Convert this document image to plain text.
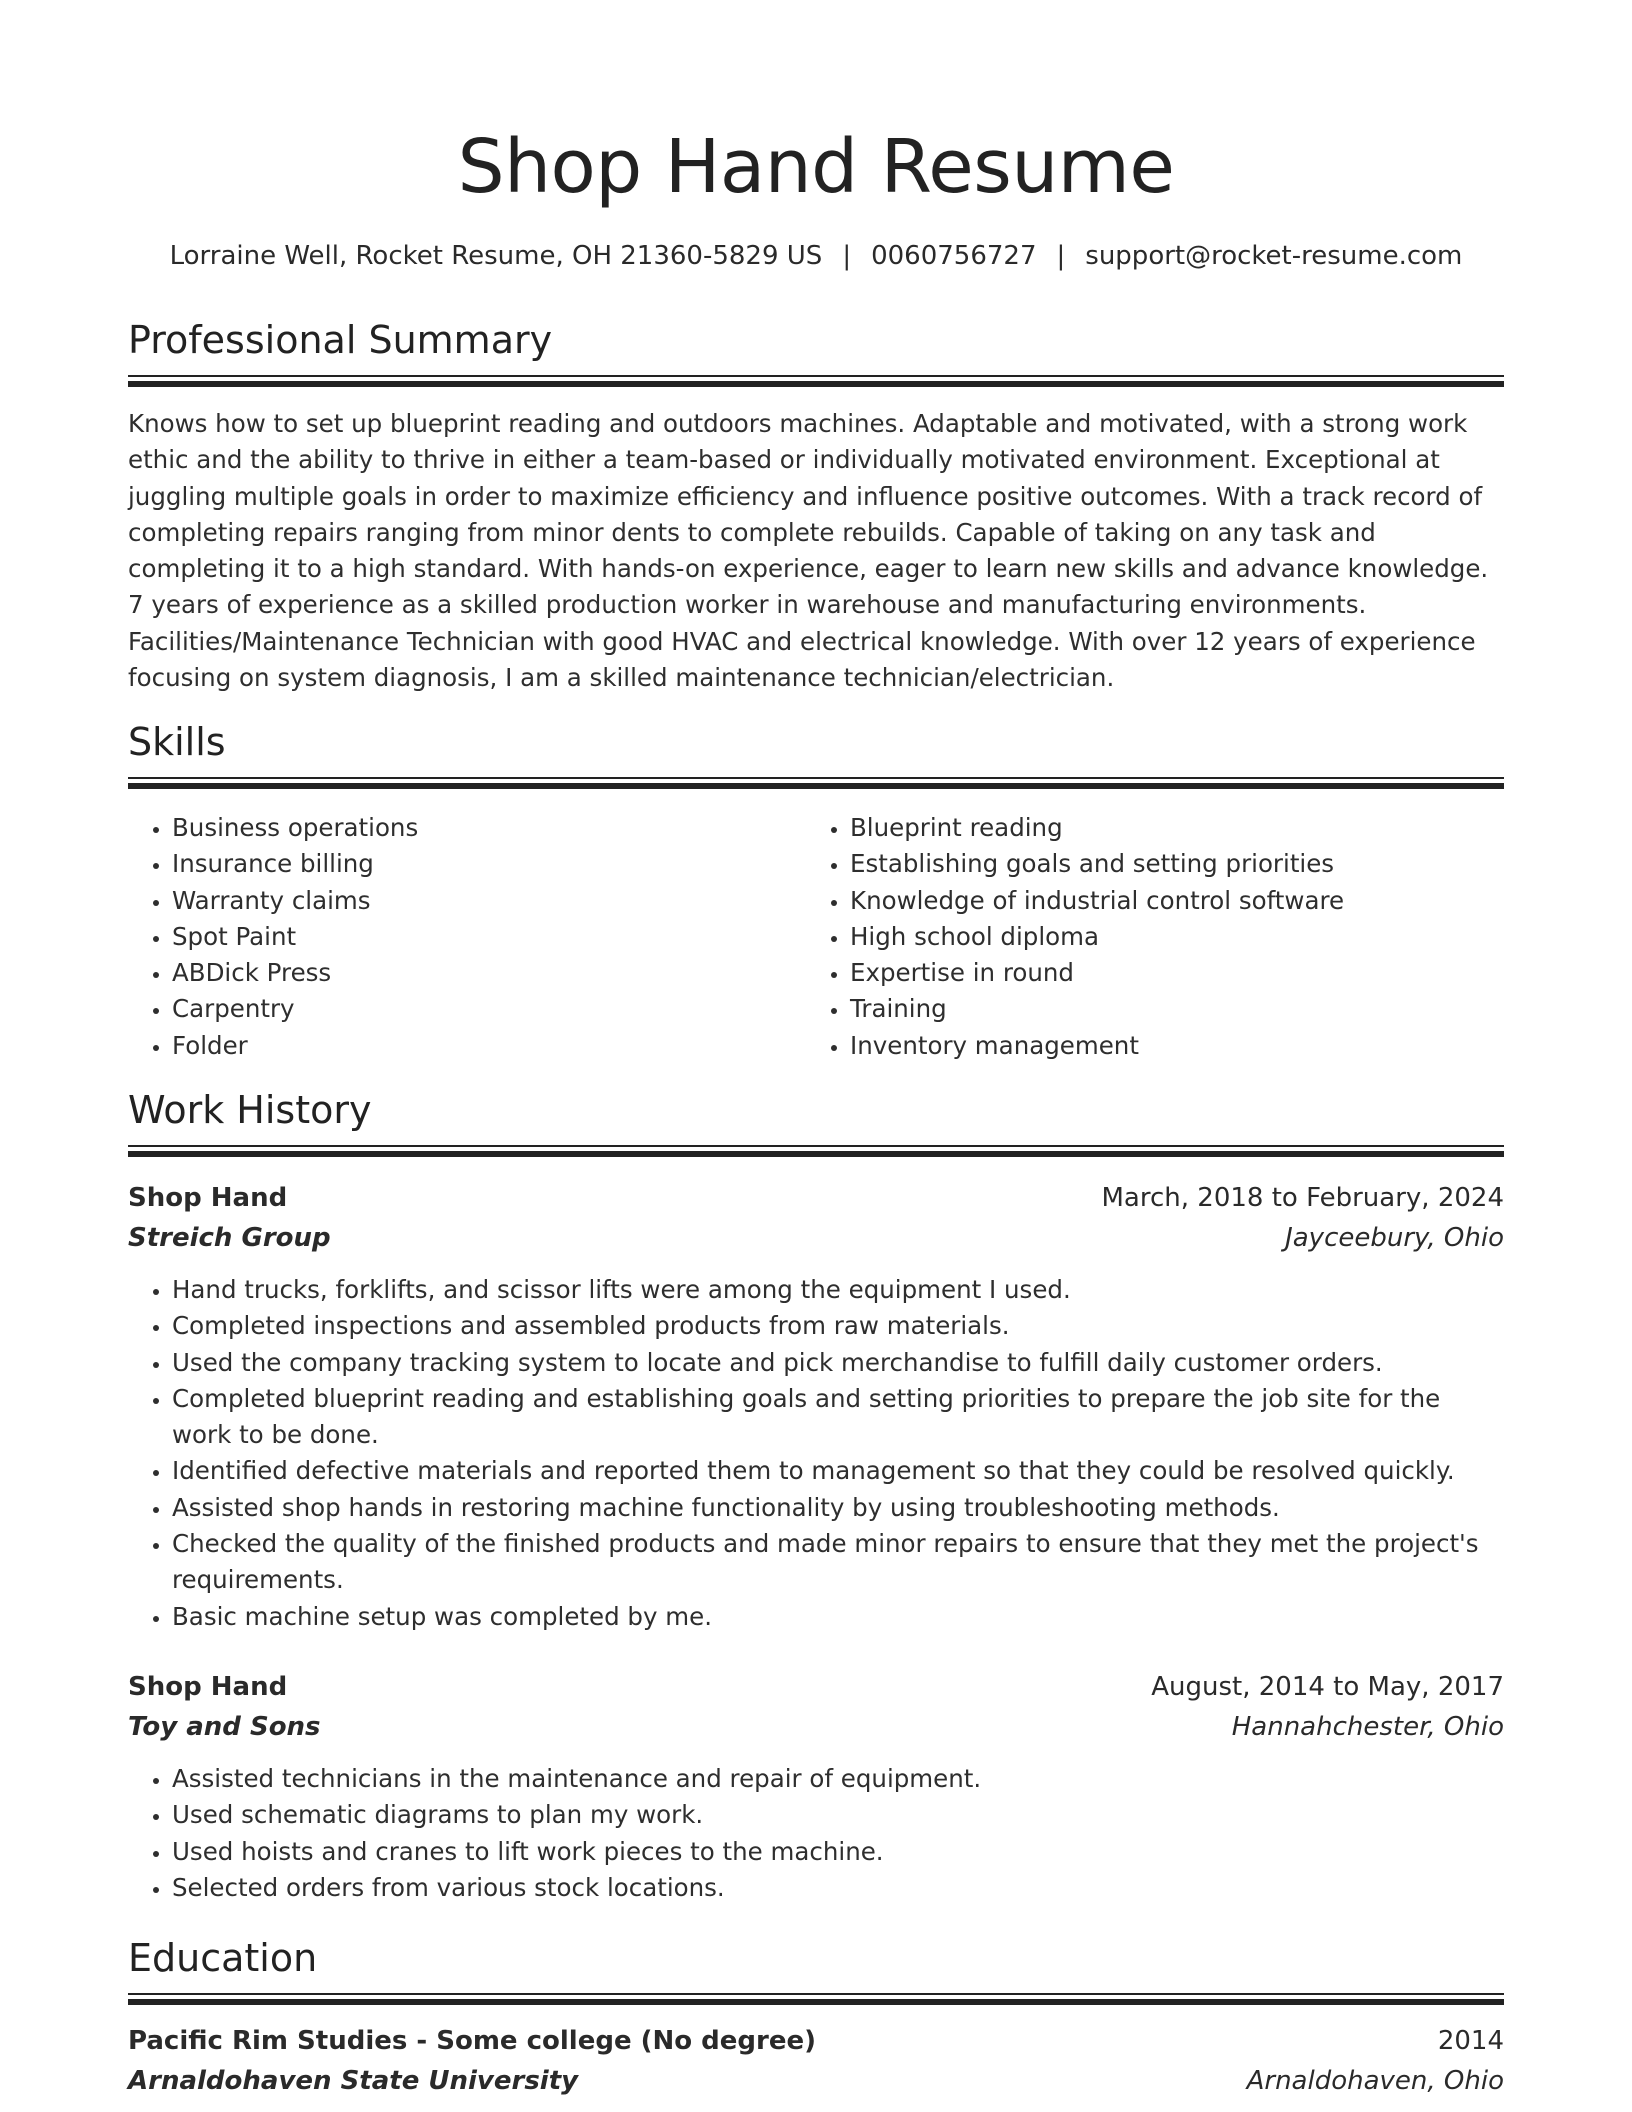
Shop Hand Resume
Lorraine Well, Rocket Resume, OH 21360-5829 US | 0060756727 | support@rocket-resume.com
Professional Summary

Knows how to set up blueprint reading and outdoors machines. Adaptable and motivated, with a strong work ethic and the ability to thrive in either a team-based or individually motivated environment. Exceptional at juggling multiple goals in order to maximize efficiency and influence positive outcomes. With a track record of completing repairs ranging from minor dents to complete rebuilds. Capable of taking on any task and completing it to a high standard. With hands-on experience, eager to learn new skills and advance knowledge. 7 years of experience as a skilled production worker in warehouse and manufacturing environments. Facilities/Maintenance Technician with good HVAC and electrical knowledge. With over 12 years of experience focusing on system diagnosis, I am a skilled maintenance technician/electrician.

Skills
• Business operations
• Insurance billing
• Warranty claims
• Spot Paint
• ABDick Press
• Carpentry
• Folder
• Blueprint reading
• Establishing goals and setting priorities
• Knowledge of industrial control software
• High school diploma
• Expertise in round
• Training
• Inventory management
Work History
Shop Hand
Streich Group
March, 2018 to February, 2024
Jayceebury, Ohio
• Hand trucks, forklifts, and scissor lifts were among the equipment I used.
• Completed inspections and assembled products from raw materials.
• Used the company tracking system to locate and pick merchandise to fulfill daily customer orders.
• Completed blueprint reading and establishing goals and setting priorities to prepare the job site for the work to be done.
• Identified defective materials and reported them to management so that they could be resolved quickly.
• Assisted shop hands in restoring machine functionality by using troubleshooting methods.
• Checked the quality of the finished products and made minor repairs to ensure that they met the project's requirements.
• Basic machine setup was completed by me.
Shop Hand
Toy and Sons
August, 2014 to May, 2017
Hannahchester, Ohio
• Assisted technicians in the maintenance and repair of equipment.
• Used schematic diagrams to plan my work.
• Used hoists and cranes to lift work pieces to the machine.
• Selected orders from various stock locations.
Education
Pacific Rim Studies - Some college (No degree)
Arnaldohaven State University
2014
Arnaldohaven, Ohio
